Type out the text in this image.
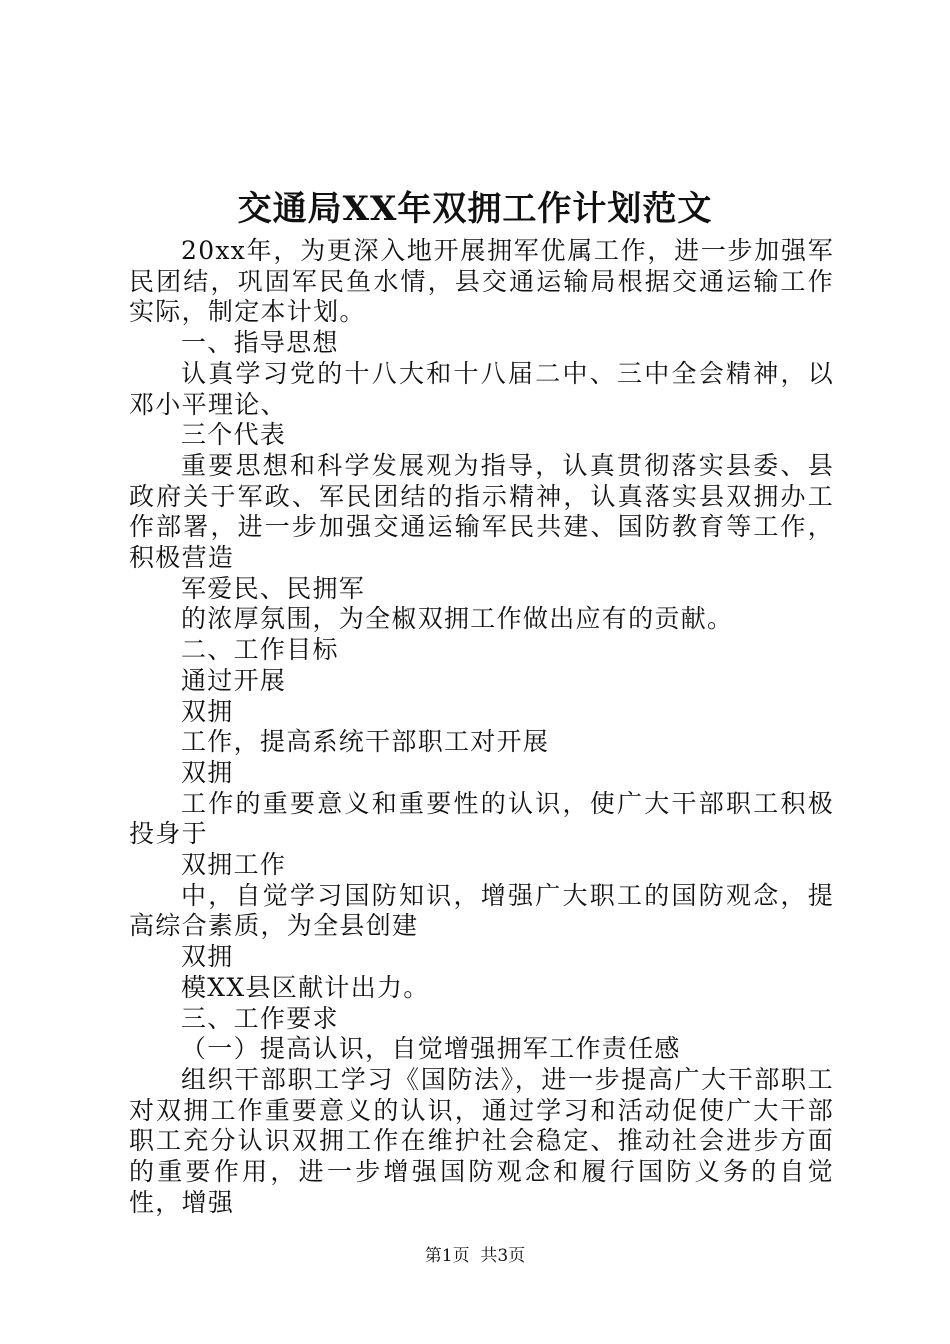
交通局XX年双拥工作计划范文

20xx年，为更深入地开展拥军优属工作，进一步加强军民团结，巩固军民鱼水情，县交通运输局根据交通运输工作实际，制定本计划。

一、指导思想

认真学习党的十八大和十八届二中、三中全会精神，以邓小平理论、

三个代表

重要思想和科学发展观为指导，认真贯彻落实县委、县政府关于军政、军民团结的指示精神，认真落实县双拥办工作部署，进一步加强交通运输军民共建、国防教育等工作，积极营造

军爱民、民拥军

的浓厚氛围，为全椒双拥工作做出应有的贡献。

二、工作目标

通过开展

双拥

工作，提高系统干部职工对开展

双拥

工作的重要意义和重要性的认识，使广大干部职工积极投身于

双拥工作

中，自觉学习国防知识，增强广大职工的国防观念，提高综合素质，为全县创建

双拥

模XX县区献计出力。

三、工作要求

（一）提高认识，自觉增强拥军工作责任感

组织干部职工学习《国防法》，进一步提高广大干部职工对双拥工作重要意义的认识，通过学习和活动促使广大干部职工充分认识双拥工作在维护社会稳定、推动社会进步方面的重要作用，进一步增强国防观念和履行国防义务的自觉性，增强

第1页  共3页
